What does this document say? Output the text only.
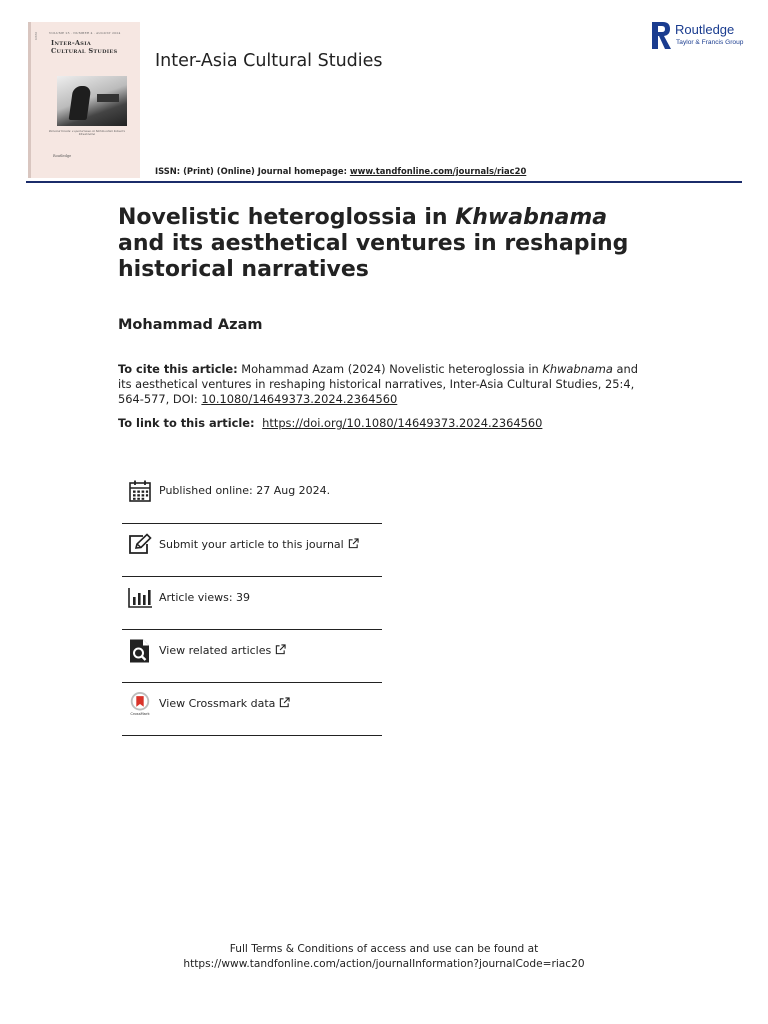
ISSN	VOLUME 25 · NUMBER 4 · AUGUST 2024
Inter-Asia
Cultural Studies
Personal travels: a special issue on Mahmoodian Kotwal's Khwabnama
Routledge
Inter-Asia Cultural Studies
ISSN: (Print) (Online) Journal homepage: www.tandfonline.com/journals/riac20
Routledge
Taylor & Francis Group
Novelistic heteroglossia in Khwabnama and its aesthetical ventures in reshaping historical narratives
Mohammad Azam
To cite this article: Mohammad Azam (2024) Novelistic heteroglossia in Khwabnama and its aesthetical ventures in reshaping historical narratives, Inter-Asia Cultural Studies, 25:4, 564-577, DOI: 10.1080/14649373.2024.2364560
To link to this article: https://doi.org/10.1080/14649373.2024.2364560
Published online: 27 Aug 2024.
Submit your article to this journal
Article views: 39
View related articles
CrossMark
View Crossmark data
Full Terms & Conditions of access and use can be found at
https://www.tandfonline.com/action/journalInformation?journalCode=riac20
